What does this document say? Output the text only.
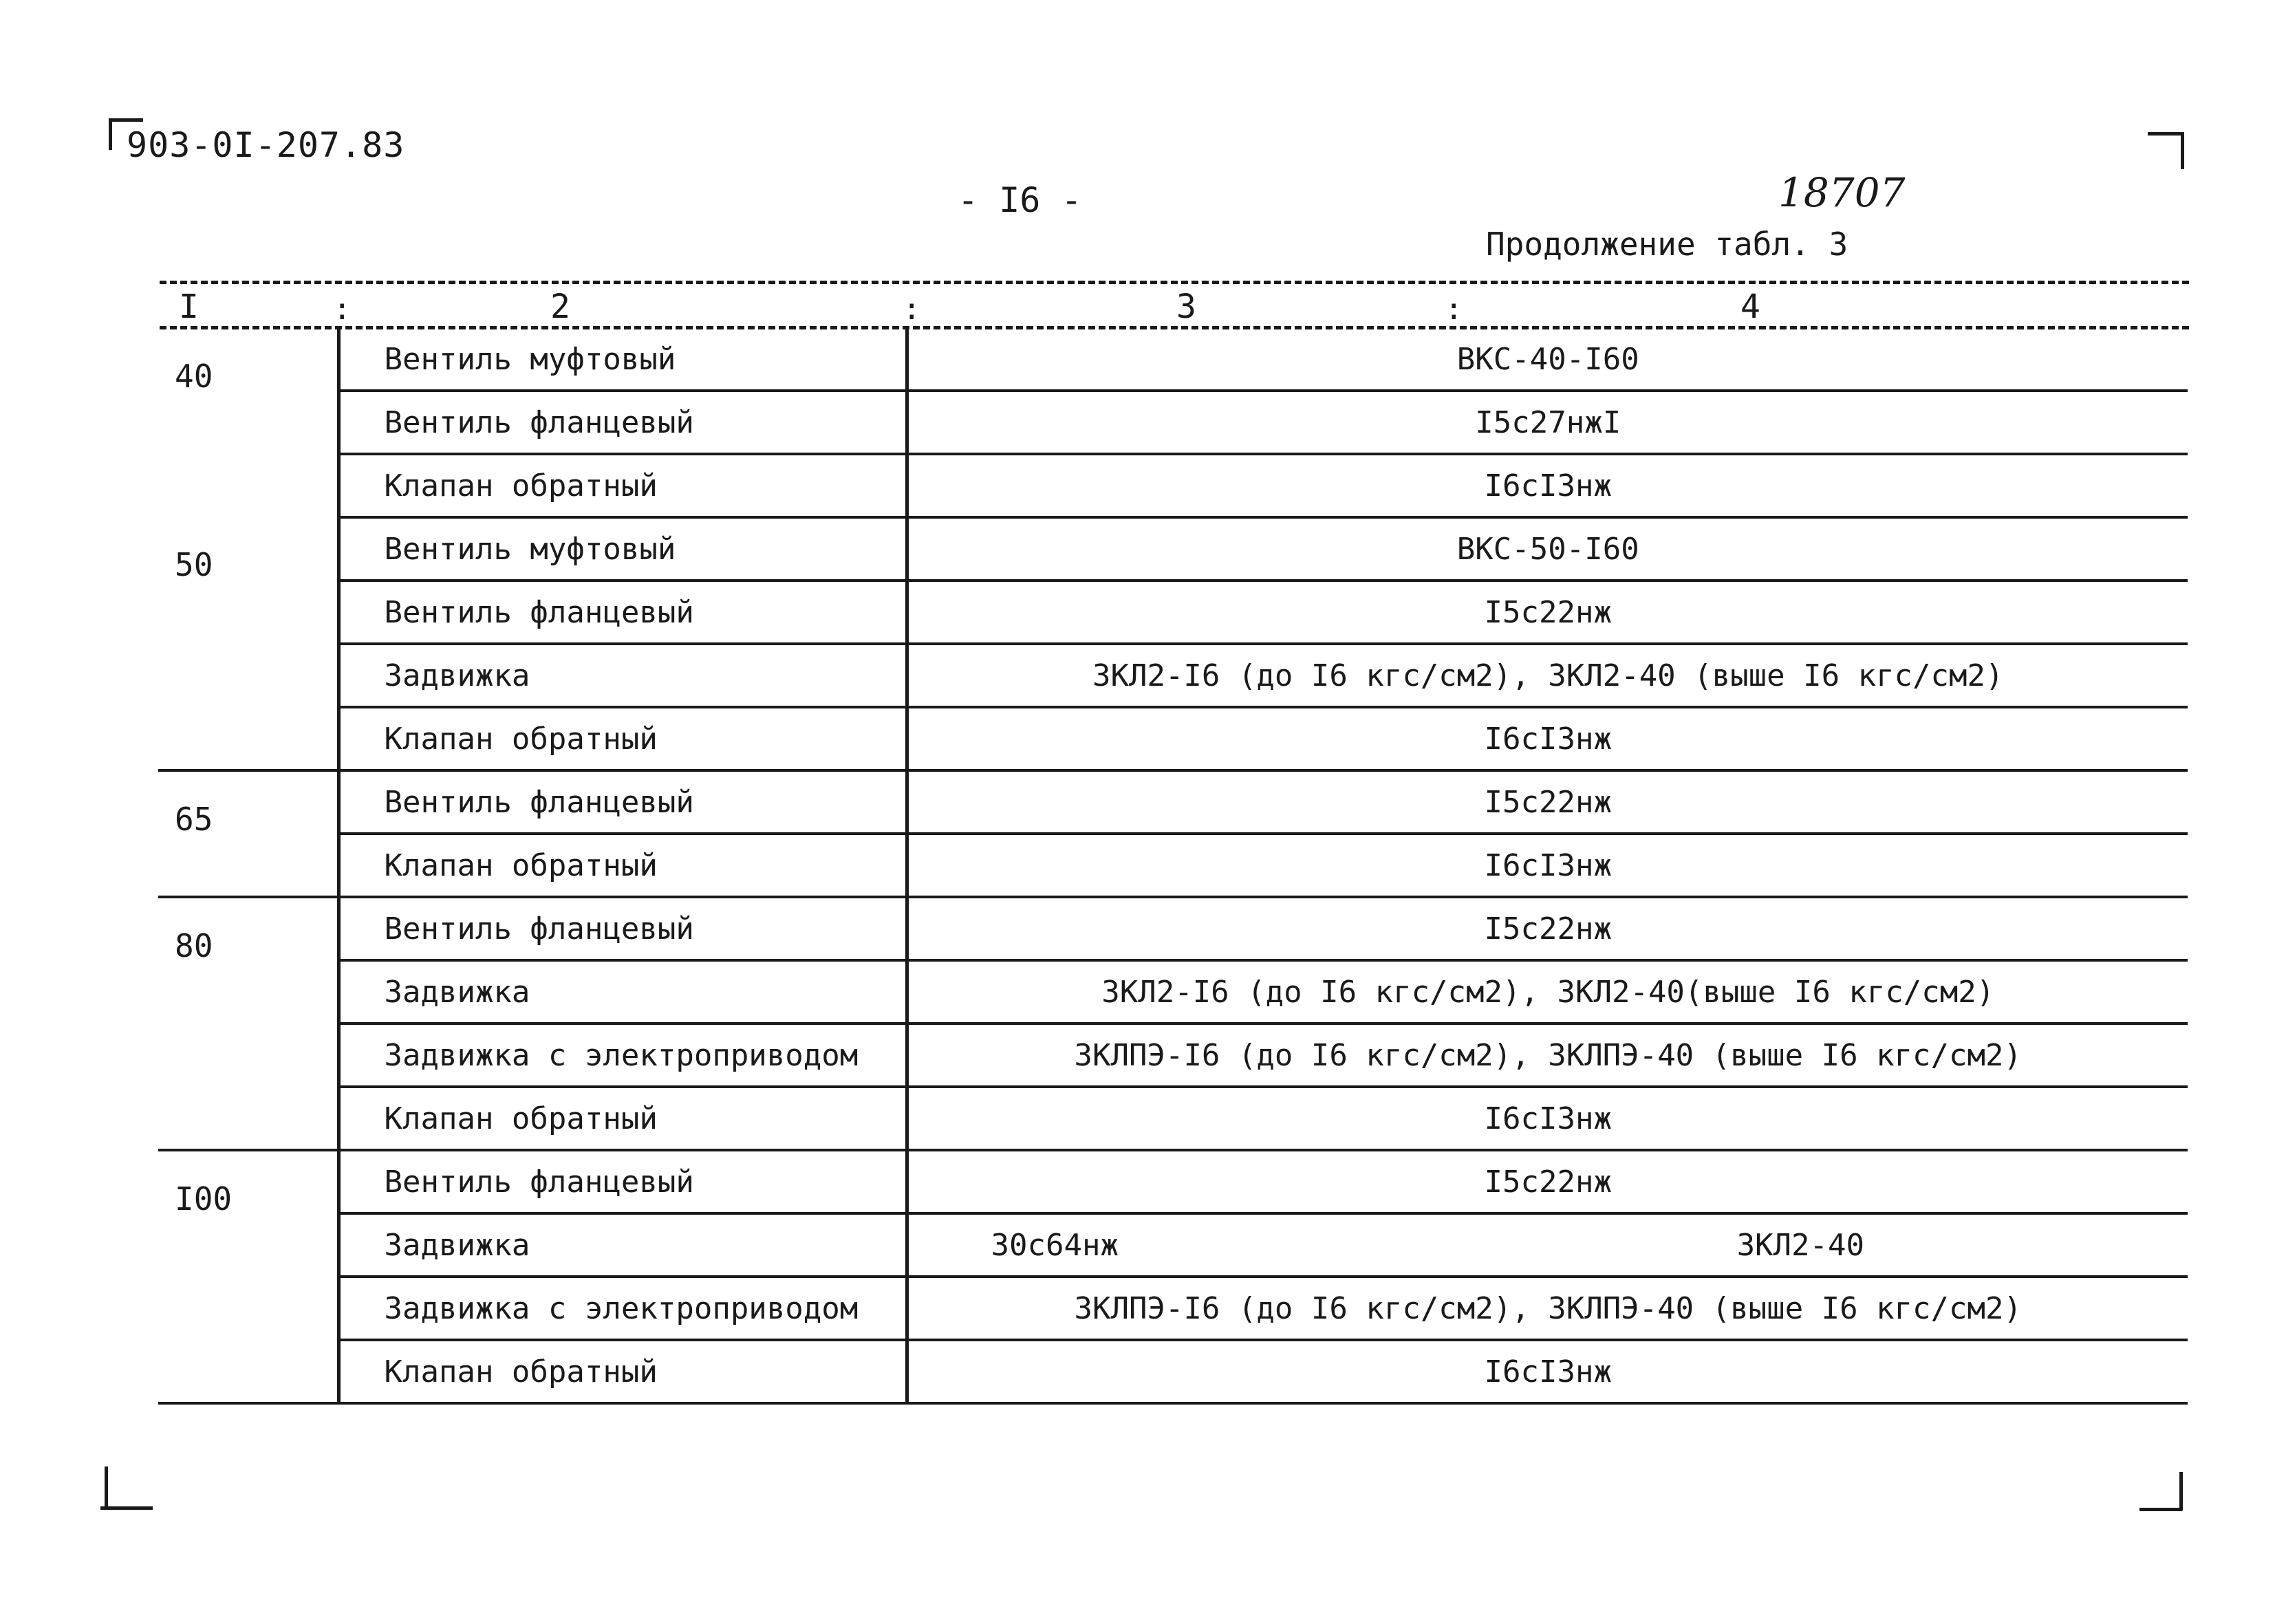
903-0I-207.83
- I6 -	18707
Продолжение табл. 3
I	:	2	:	3	:	4
40	Вентиль муфтовый	ВКС-40-I60
	Вентиль фланцевый	I5с27нжI
	Клапан обратный	I6сI3нж
50	Вентиль муфтовый	ВКС-50-I60
	Вентиль фланцевый	I5с22нж
	Задвижка	ЗКЛ2-I6 (до I6 кгс/см2), ЗКЛ2-40 (выше I6 кгс/см2)
	Клапан обратный	I6сI3нж
65	Вентиль фланцевый	I5с22нж
	Клапан обратный	I6сI3нж
80	Вентиль фланцевый	I5с22нж
	Задвижка	ЗКЛ2-I6 (до I6 кгс/см2), ЗКЛ2-40(выше I6 кгс/см2)
	Задвижка с электроприводом	ЗКЛПЭ-I6 (до I6 кгс/см2), ЗКЛПЭ-40 (выше I6 кгс/см2)
	Клапан обратный	I6сI3нж
I00	Вентиль фланцевый	I5с22нж
	Задвижка	30с64нж ЗКЛ2-40

	Задвижка с электроприводом	ЗКЛПЭ-I6 (до I6 кгс/см2), ЗКЛПЭ-40 (выше I6 кгс/см2)
	Клапан обратный	I6сI3нж
